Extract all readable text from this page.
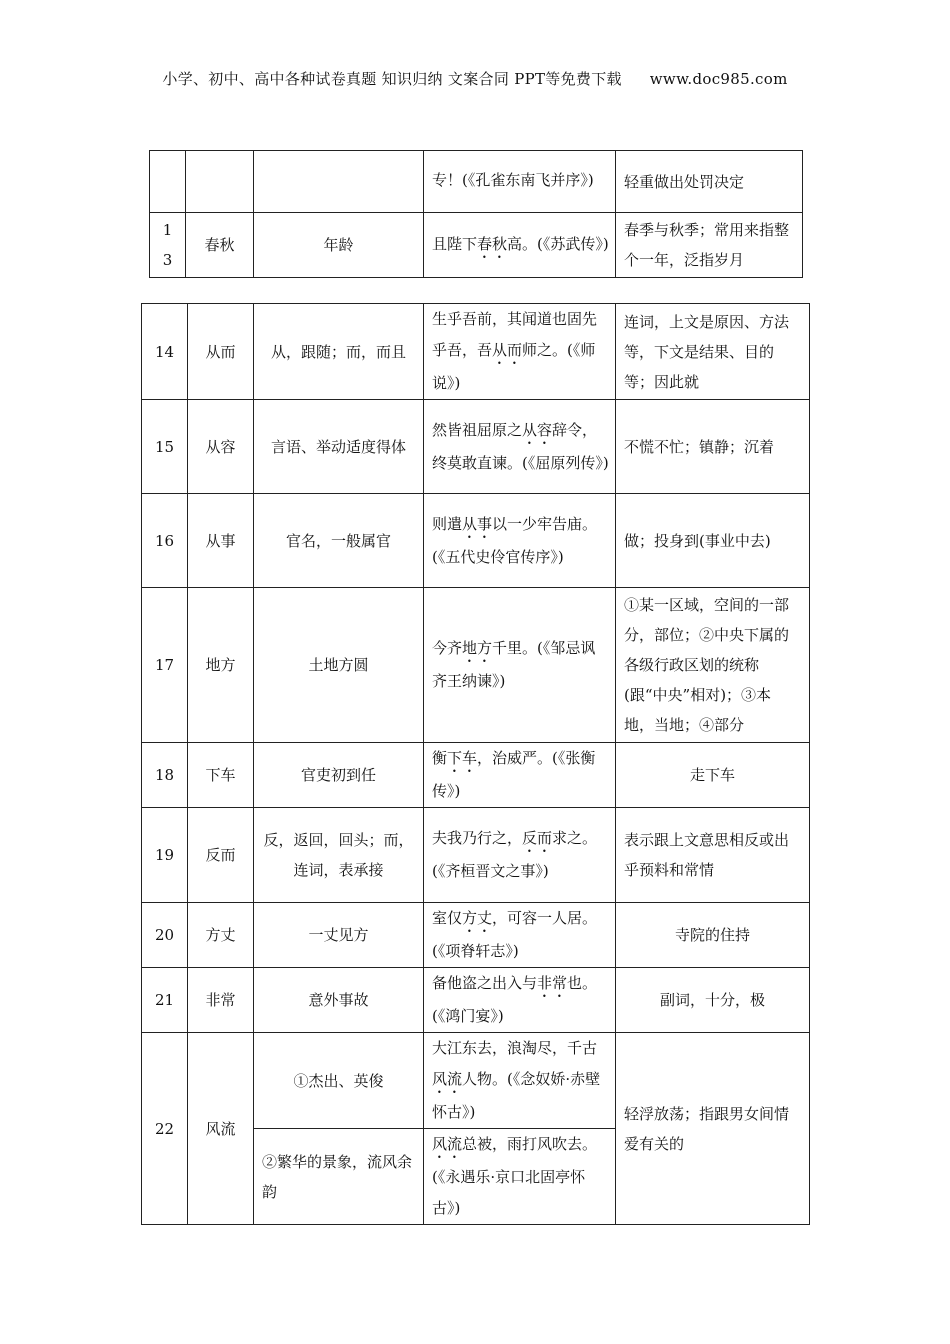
小学、初中、高中各种试卷真题 知识归纳 文案合同 PPT等免费下载 www.doc985.com
			专！(《孔雀东南飞并序》)	轻重做出处罚决定
13	春秋	年龄	且陛下春秋高。(《苏武传》)	春季与秋季；常用来指整个一年，泛指岁月
14	从而	从，跟随；而，而且	生乎吾前，其闻道也固先乎吾，吾从而师之。(《师说》)	连词，上文是原因、方法等，下文是结果、目的等；因此就
15	从容	言语、举动适度得体	然皆祖屈原之从容辞令，终莫敢直谏。(《屈原列传》)	不慌不忙；镇静；沉着
16	从事	官名，一般属官	则遣从事以一少牢告庙。(《五代史伶官传序》)	做；投身到(事业中去)
17	地方	土地方圆	今齐地方千里。(《邹忌讽齐王纳谏》)	①某一区域，空间的一部分，部位；②中央下属的各级行政区划的统称(跟“中央”相对)；③本地，当地；④部分
18	下车	官吏初到任	衡下车，治威严。(《张衡传》)	走下车
19	反而	反，返回，回头；而，连词，表承接	夫我乃行之，反而求之。(《齐桓晋文之事》)	表示跟上文意思相反或出乎预料和常情
20	方丈	一丈见方	室仅方丈，可容一人居。(《项脊轩志》)	寺院的住持
21	非常	意外事故	备他盗之出入与非常也。(《鸿门宴》)	副词，十分，极
22	风流	①杰出、英俊	大江东去，浪淘尽，千古风流人物。(《念奴娇·赤壁怀古》)	轻浮放荡；指跟男女间情爱有关的
		②繁华的景象，流风余韵	风流总被，雨打风吹去。(《永遇乐·京口北固亭怀古》)	
